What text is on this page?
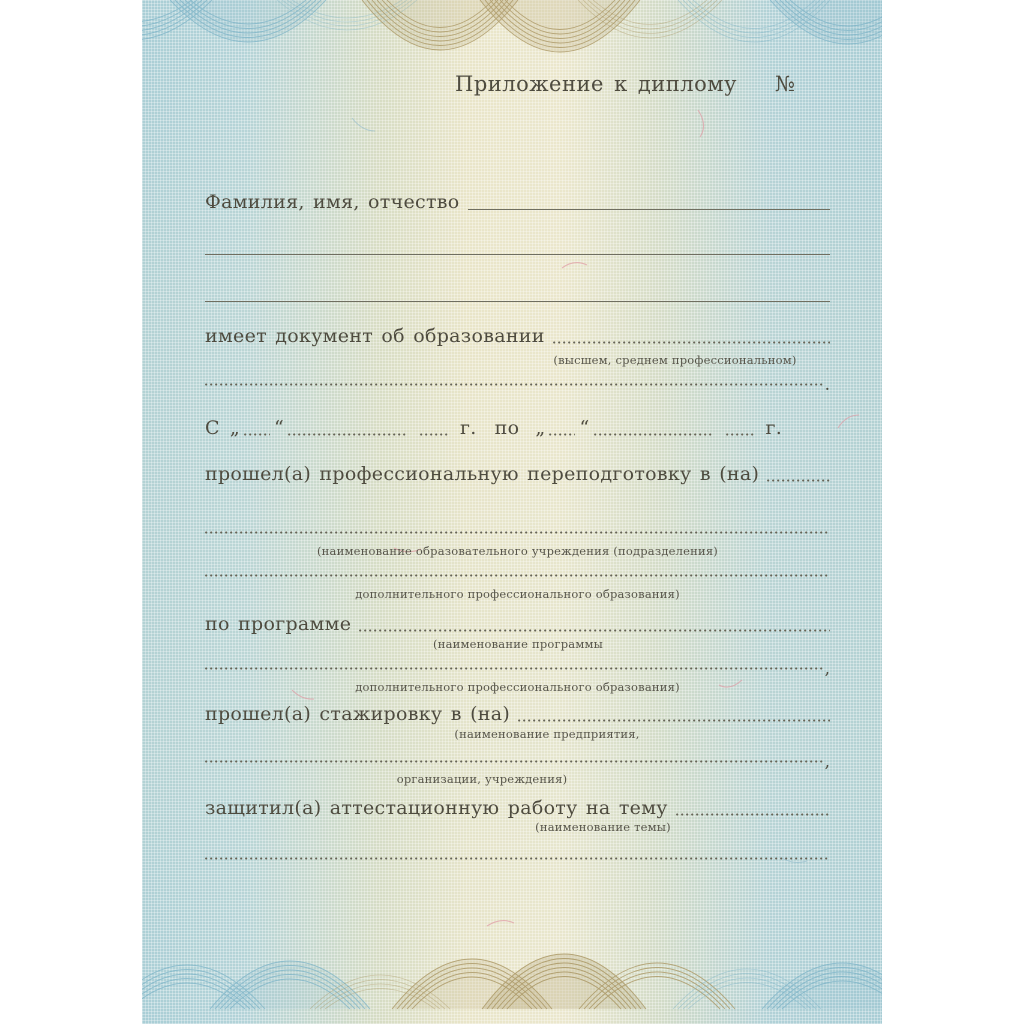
Приложение к диплому №
Фамилия, имя, отчество
имеет документ об образовании
(высшем, среднем профессиональном)
.
С „ “	г. по „ “	г.
прошел(а) профессиональную переподготовку в (на)
(наименование образовательного учреждения (подразделения)
дополнительного профессионального образования)
по программе
(наименование программы
,
дополнительного профессионального образования)
прошел(а) стажировку в (на)
(наименование предприятия,
,
организации, учреждения)
защитил(а) аттестационную работу на тему
(наименование темы)
